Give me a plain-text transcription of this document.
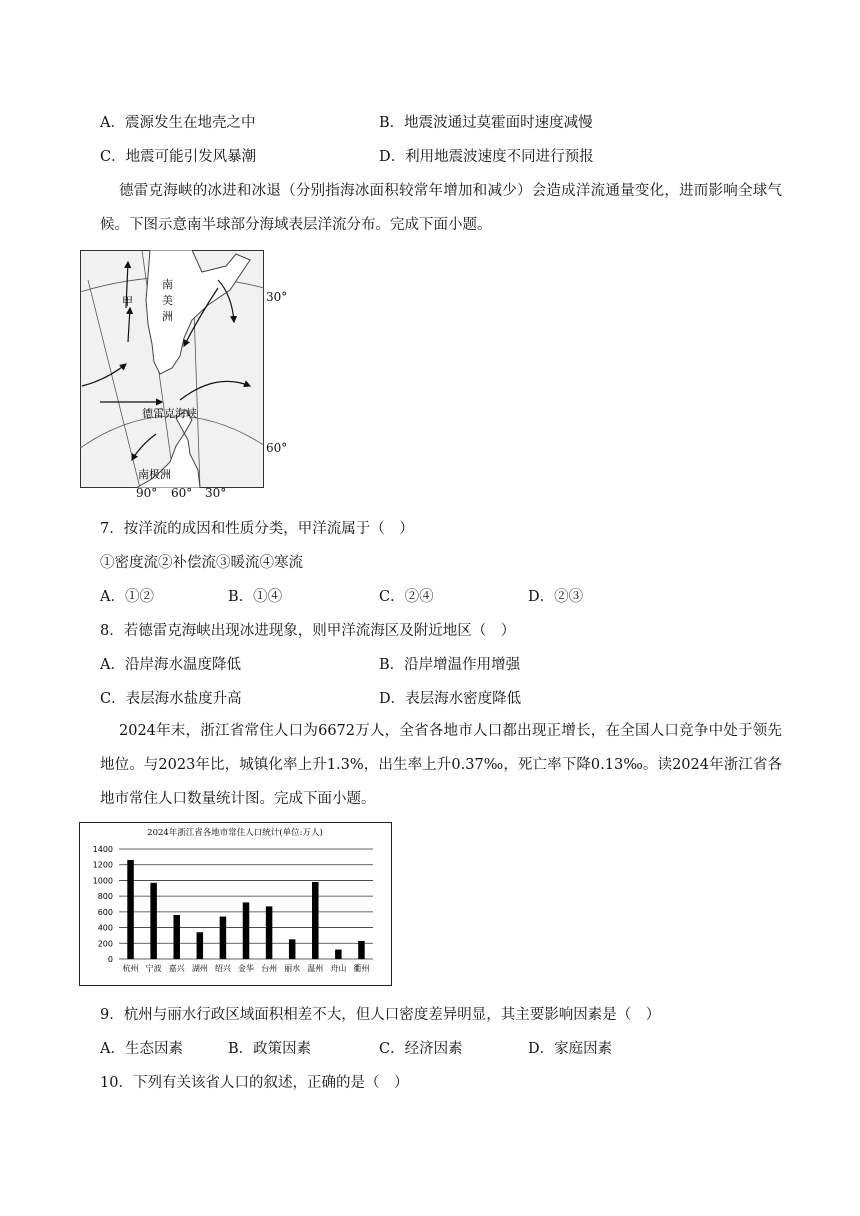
A．震源发生在地壳之中	B．地震波通过莫霍面时速度减慢
C．地震可能引发风暴潮	D．利用地震波速度不同进行预报
德雷克海峡的冰进和冰退（分别指海冰面积较常年增加和减少）会造成洋流通量变化，进而影响全球气候。下图示意南半球部分海域表层洋流分布。完成下面小题。
南
美
洲
甲
德雷克海峡
南极洲
30°
60°
90° 60° 30°
7．按洋流的成因和性质分类，甲洋流属于（　）
①密度流②补偿流③暖流④寒流
A．①②	B．①④	C．②④	D．②③
8．若德雷克海峡出现冰进现象，则甲洋流海区及附近地区（　）
A．沿岸海水温度降低	B．沿岸增温作用增强
C．表层海水盐度升高	D．表层海水密度降低
2024年末，浙江省常住人口为6672万人，全省各地市人口都出现正增长，在全国人口竞争中处于领先地位。与2023年比，城镇化率上升1.3%，出生率上升0.37‰，死亡率下降0.13‰。读2024年浙江省各地市常住人口数量统计图。完成下面小题。
2024年浙江省各地市常住人口统计(单位:万人)
0
200
400
600
800
1000
1200
1400
杭州 宁波 嘉兴 湖州 绍兴 金华 台州 丽水 温州 舟山 衢州
9．杭州与丽水行政区域面积相差不大，但人口密度差异明显，其主要影响因素是（　）
A．生态因素	B．政策因素	C．经济因素	D．家庭因素
10．下列有关该省人口的叙述，正确的是（　）
